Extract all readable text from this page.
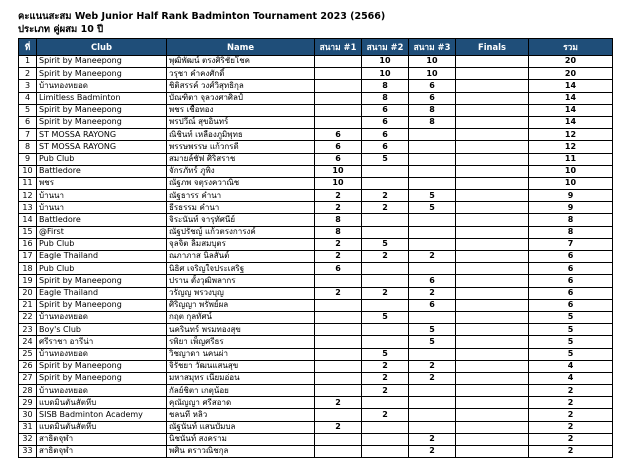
คะแนนสะสม Web Junior Half Rank Badminton Tournament 2023 (2566)
ประเภท คู่ผสม 10 ปี
ที่	Club	Name	สนาม #1	สนาม #2	สนาม #3	Finals	รวม
1	Spirit by Maneepong	พุฒิพัฒน์ ตรงศิริชัยโชค		10	10		20
2	Spirit by Maneepong	วรุชา คำคงศักดิ์		10	10		20
3	บ้านทองหยอด	ชิติสรรค์ วงศ์วิสุทธิกุล		8	6		14
4	Limitless Badminton	บัณฑิตา จุลวงศาศิลป์		8	6		14
5	Spirit by Maneepong	พชร เชื้อทอง		6	8		14
6	Spirit by Maneepong	พรปวีณ์ สุขอินทร์		6	8		14
7	ST MOSSA RAYONG	ณิชินท์ เหลืองภูมิพุทธ	6	6			12
8	ST MOSSA RAYONG	พรรษพรรษ แก้วกรดี	6	6			12
9	Pub Club	สมายล์ชัฟ ศิริสราช	6	5			11
10	Battledore	จักรภัทร์ ภูพิง	10				10
11	พชร	ณัฐภพ จตุรงควาณิช	10				10
12	บ้านนา	ณัฐธารร คำนา	2	2	5		9
13	บ้านนา	ธีรธรรม คำนา	2	2	5		9
14	Battledore	จิระนันท์ จารุทัศนีย์	8				8
15	@First	ณัฐปรัชญ์ แก้วตรงการงค์	8				8
16	Pub Club	จุลจิต ลิ้มสมบุตร	2	5			7
17	Eagle Thailand	ณภาภาส นิลสันต์	2	2	2		6
18	Pub Club	นิธิศ เจริญใจประเสริฐ	6				6
19	Spirit by Maneepong	ปราน ตั้งวุฒิพลากร			6		6
20	Eagle Thailand	วรัญญ พรวงบุญ	2	2	2		6
21	Spirit by Maneepong	ศิริญญา พรัพย์ผล			6		6
22	บ้านทองหยอด	กฤต กุลทัศน์		5			5
23	Boy's Club	นครินทร์ พรมทองสุข			5		5
24	ศรีราชา อารีน่า	รพิยา เพ็ญศรีธร			5		5
25	บ้านทองหยอด	วิชญาดา นคนผ่า		5			5
26	Spirit by Maneepong	จิรัชยา วัฒนแสนสุข		2	2		4
27	Spirit by Maneepong	มหาสมุทร เนียมอ่อน		2	2		4
28	บ้านทองหยอด	กัลย์ชิตา เกตุน้อย		2			2
29	แบดมินตันสัตหีบ	คุณัญญา ศรีสอาด	2				2
30	SISB Badminton Academy	ชลนที หลิว		2			2
31	แบดมินตันสัตหีบ	ณัฐนันท์ แสนบัมบล	2				2
32	สาธิตจุฬา	นิชนันท์ สงคราม			2		2
33	สาธิตจุฬา	พศิน ตราวณิชกุล			2		2
